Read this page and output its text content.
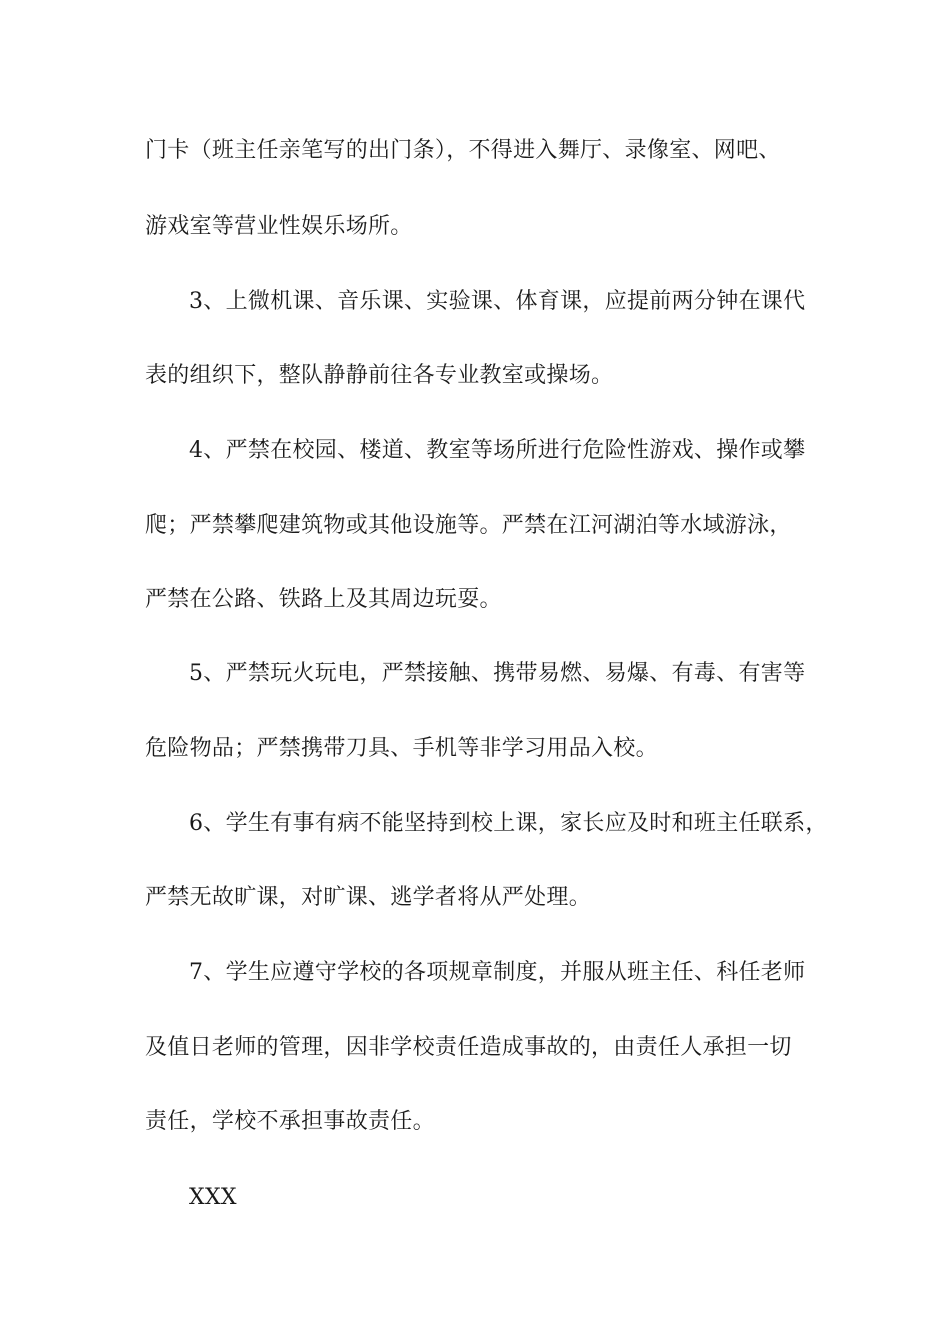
门卡（班主任亲笔写的出门条），不得进入舞厅、录像室、网吧、
游戏室等营业性娱乐场所。
3、上微机课、音乐课、实验课、体育课，应提前两分钟在课代
表的组织下，整队静静前往各专业教室或操场。
4、严禁在校园、楼道、教室等场所进行危险性游戏、操作或攀
爬；严禁攀爬建筑物或其他设施等。严禁在江河湖泊等水域游泳，
严禁在公路、铁路上及其周边玩耍。
5、严禁玩火玩电，严禁接触、携带易燃、易爆、有毒、有害等
危险物品；严禁携带刀具、手机等非学习用品入校。
6、学生有事有病不能坚持到校上课，家长应及时和班主任联系，
严禁无故旷课，对旷课、逃学者将从严处理。
7、学生应遵守学校的各项规章制度，并服从班主任、科任老师
及值日老师的管理，因非学校责任造成事故的，由责任人承担一切
责任，学校不承担事故责任。
XXX
